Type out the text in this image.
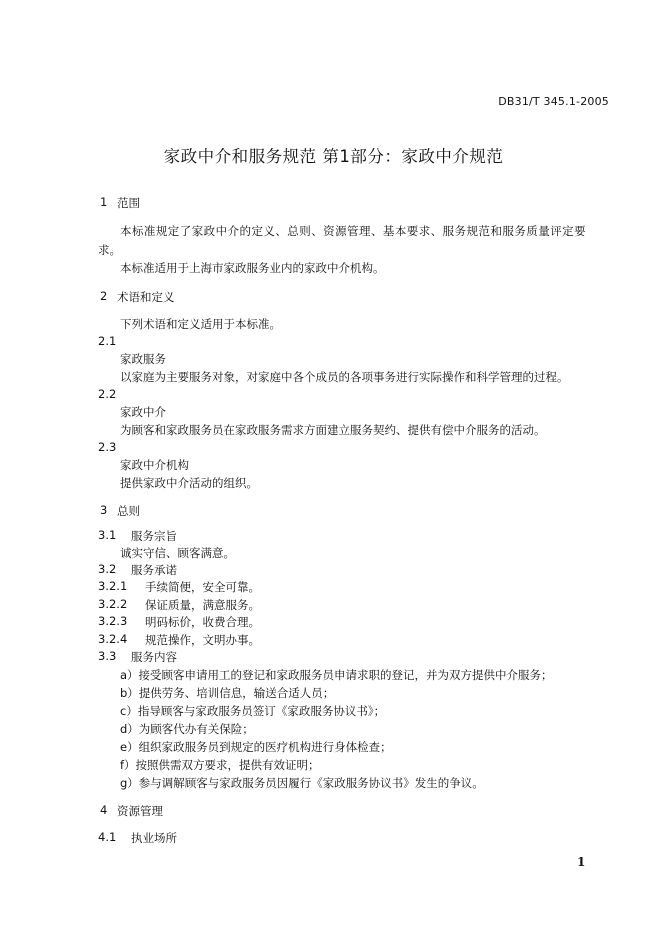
DB31/T 345.1-2005
家政中介和服务规范 第1部分：家政中介规范
1 范围
本标准规定了家政中介的定义、总则、资源管理、基本要求、服务规范和服务质量评定要
求。
本标准适用于上海市家政服务业内的家政中介机构。
2 术语和定义
下列术语和定义适用于本标准。
2.1
家政服务
以家庭为主要服务对象，对家庭中各个成员的各项事务进行实际操作和科学管理的过程。
2.2
家政中介
为顾客和家政服务员在家政服务需求方面建立服务契约、提供有偿中介服务的活动。
2.3
家政中介机构
提供家政中介活动的组织。
3 总则
3.1 服务宗旨
诚实守信、顾客满意。
3.2 服务承诺
3.2.1 手续简便，安全可靠。
3.2.2 保证质量，满意服务。
3.2.3 明码标价，收费合理。
3.2.4 规范操作，文明办事。
3.3 服务内容
a）接受顾客申请用工的登记和家政服务员申请求职的登记，并为双方提供中介服务；
b）提供劳务、培训信息，输送合适人员；
c）指导顾客与家政服务员签订《家政服务协议书》；
d）为顾客代办有关保险；
e）组织家政服务员到规定的医疗机构进行身体检查；
f）按照供需双方要求，提供有效证明；
g）参与调解顾客与家政服务员因履行《家政服务协议书》发生的争议。
4 资源管理
4.1 执业场所
1
